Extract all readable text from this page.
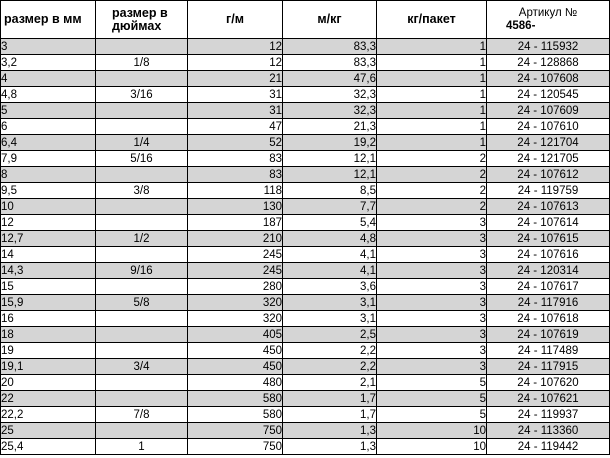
размер в мм	размер в дюймах	г/м	м/кг	кг/пакет	Артикул №
4586-

3		12	83,3	1	24 - 115932
3,2	1/8	12	83,3	1	24 - 128868
4		21	47,6	1	24 - 107608
4,8	3/16	31	32,3	1	24 - 120545
5		31	32,3	1	24 - 107609
6		47	21,3	1	24 - 107610
6,4	1/4	52	19,2	1	24 - 121704
7,9	5/16	83	12,1	2	24 - 121705
8		83	12,1	2	24 - 107612
9,5	3/8	118	8,5	2	24 - 119759
10		130	7,7	2	24 - 107613
12		187	5,4	3	24 - 107614
12,7	1/2	210	4,8	3	24 - 107615
14		245	4,1	3	24 - 107616
14,3	9/16	245	4,1	3	24 - 120314
15		280	3,6	3	24 - 107617
15,9	5/8	320	3,1	3	24 - 117916
16		320	3,1	3	24 - 107618
18		405	2,5	3	24 - 107619
19		450	2,2	3	24 - 117489
19,1	3/4	450	2,2	3	24 - 117915
20		480	2,1	5	24 - 107620
22		580	1,7	5	24 - 107621
22,2	7/8	580	1,7	5	24 - 119937
25		750	1,3	10	24 - 113360
25,4	1	750	1,3	10	24 - 119442
